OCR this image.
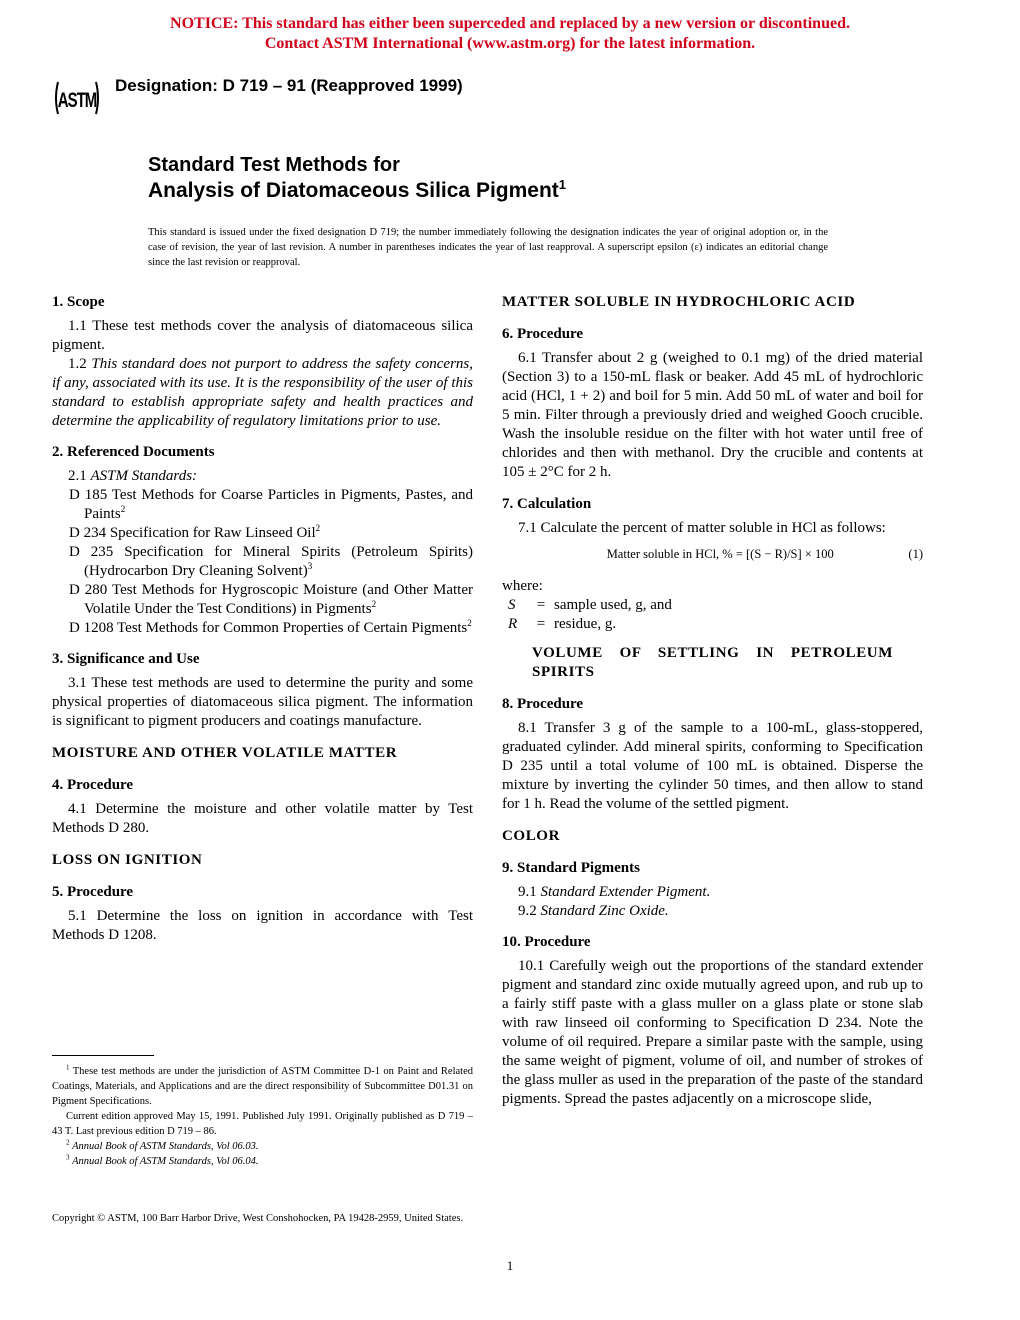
NOTICE: This standard has either been superceded and replaced by a new version or discontinued.
Contact ASTM International (www.astm.org) for the latest information.
ASTM
Designation: D 719 – 91 (Reapproved 1999)
Standard Test Methods for
Analysis of Diatomaceous Silica Pigment$^1$
This standard is issued under the fixed designation D 719; the number immediately following the designation indicates the year of original adoption or, in the case of revision, the year of last revision. A number in parentheses indicates the year of last reapproval. A superscript epsilon (ε) indicates an editorial change since the last revision or reapproval.

1. Scope

1.1 These test methods cover the analysis of diatomaceous silica pigment.

1.2 This standard does not purport to address the safety concerns, if any, associated with its use. It is the responsibility of the user of this standard to establish appropriate safety and health practices and determine the applicability of regulatory limitations prior to use.

2. Referenced Documents

2.1 ASTM Standards:

D 185 Test Methods for Coarse Particles in Pigments, Pastes, and Paints$^2$

D 234 Specification for Raw Linseed Oil$^2$

D 235 Specification for Mineral Spirits (Petroleum Spirits) (Hydrocarbon Dry Cleaning Solvent)$^3$

D 280 Test Methods for Hygroscopic Moisture (and Other Matter Volatile Under the Test Conditions) in Pigments$^2$

D 1208 Test Methods for Common Properties of Certain Pigments$^2$

3. Significance and Use

3.1 These test methods are used to determine the purity and some physical properties of diatomaceous silica pigment. The information is significant to pigment producers and coatings manufacture.

MOISTURE AND OTHER VOLATILE MATTER

4. Procedure

4.1 Determine the moisture and other volatile matter by Test Methods D 280.

LOSS ON IGNITION

5. Procedure

5.1 Determine the loss on ignition in accordance with Test Methods D 1208.

MATTER SOLUBLE IN HYDROCHLORIC ACID

6. Procedure

6.1 Transfer about 2 g (weighed to 0.1 mg) of the dried material (Section 3) to a 150-mL flask or beaker. Add 45 mL of hydrochloric acid (HCl, 1 + 2) and boil for 5 min. Add 50 mL of water and boil for 5 min. Filter through a previously dried and weighed Gooch crucible. Wash the insoluble residue on the filter with hot water until free of chlorides and then with methanol. Dry the crucible and contents at 105 ± 2°C for 2 h.

7. Calculation

7.1 Calculate the percent of matter soluble in HCl as follows:

Matter soluble in HCl, % = [(S − R)/S] × 100	(1)

where:

S	= sample used, g, and
R	= residue, g.

VOLUME OF SETTLING IN PETROLEUM SPIRITS

8. Procedure

8.1 Transfer 3 g of the sample to a 100-mL, glass-stoppered, graduated cylinder. Add mineral spirits, conforming to Specification D 235 until a total volume of 100 mL is obtained. Disperse the mixture by inverting the cylinder 50 times, and then allow to stand for 1 h. Read the volume of the settled pigment.

COLOR

9. Standard Pigments

9.1 Standard Extender Pigment.

9.2 Standard Zinc Oxide.

10. Procedure

10.1 Carefully weigh out the proportions of the standard extender pigment and standard zinc oxide mutually agreed upon, and rub up to a fairly stiff paste with a glass muller on a glass plate or stone slab with raw linseed oil conforming to Specification D 234. Note the volume of oil required. Prepare a similar paste with the sample, using the same weight of pigment, volume of oil, and number of strokes of the glass muller as used in the preparation of the paste of the standard pigments. Spread the pastes adjacently on a microscope slide,

$^1$ These test methods are under the jurisdiction of ASTM Committee D-1 on Paint and Related Coatings, Materials, and Applications and are the direct responsibility of Subcommittee D01.31 on Pigment Specifications.

Current edition approved May 15, 1991. Published July 1991. Originally published as D 719 – 43 T. Last previous edition D 719 – 86.

$^2$ Annual Book of ASTM Standards, Vol 06.03.

$^3$ Annual Book of ASTM Standards, Vol 06.04.

Copyright © ASTM, 100 Barr Harbor Drive, West Conshohocken, PA 19428-2959, United States.
1
